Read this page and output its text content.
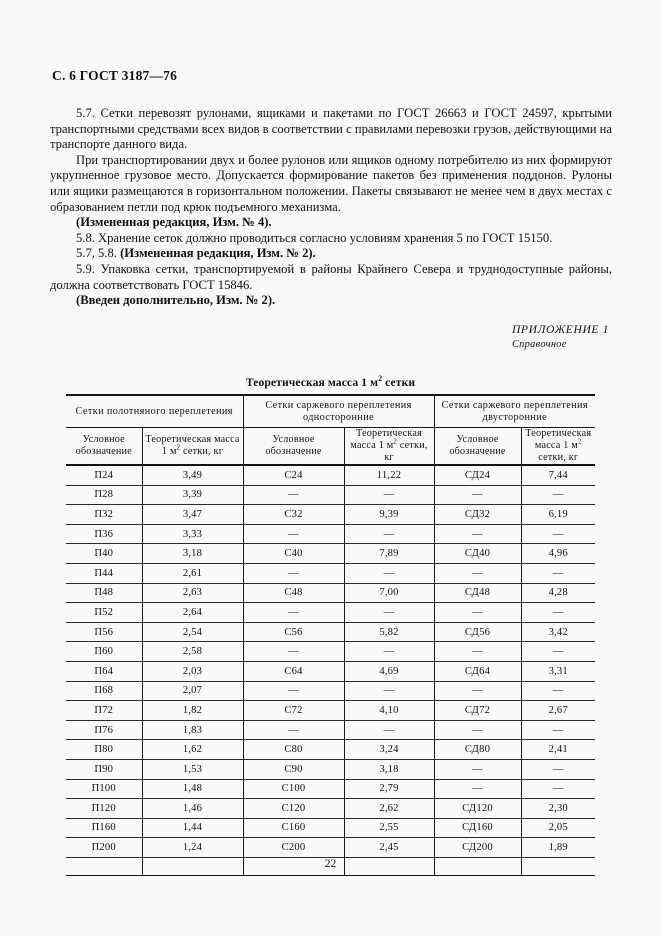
С. 6 ГОСТ 3187—76

5.7. Сетки перевозят рулонами, ящиками и пакетами по ГОСТ 26663 и ГОСТ 24597, крытыми транспортными средствами всех видов в соответствии с правилами перевозки грузов, действующими на транспорте данного вида.

При транспортировании двух и более рулонов или ящиков одному потребителю из них формируют укрупненное грузовое место. Допускается формирование пакетов без применения поддонов. Рулоны или ящики размещаются в горизонтальном положении. Пакеты связывают не менее чем в двух местах с образованием петли под крюк подъемного механизма.

(Измененная редакция, Изм. № 4).

5.8. Хранение сеток должно проводиться согласно условиям хранения 5 по ГОСТ 15150.

5.7, 5.8. (Измененная редакция, Изм. № 2).

5.9. Упаковка сетки, транспортируемой в районы Крайнего Севера и труднодоступные районы, должна соответствовать ГОСТ 15846.

(Введен дополнительно, Изм. № 2).

ПРИЛОЖЕНИЕ 1
Справочное
Теоретическая масса 1 $м^2$ сетки
Сетки полотняного переплетения		Сетки саржевого переплетения односторонние		Сетки саржевого переплетения двусторонние	
Условное обозначение	Теоретическая масса 1 $м^2$ сетки, кг	Условное обозначение	Теоретическая масса 1 $м^2$ сетки, кг	Условное обозначение	Теоретическая масса 1 $м^2$ сетки, кг
П24	3,49	С24	11,22	СД24	7,44
П28	3,39	—	—	—	—
П32	3,47	С32	9,39	СД32	6,19
П36	3,33	—	—	—	—
П40	3,18	С40	7,89	СД40	4,96
П44	2,61	—	—	—	—
П48	2,63	С48	7,00	СД48	4,28
П52	2,64	—	—	—	—
П56	2,54	С56	5,82	СД56	3,42
П60	2,58	—	—	—	—
П64	2,03	С64	4,69	СД64	3,31
П68	2,07	—	—	—	—
П72	1,82	С72	4,10	СД72	2,67
П76	1,83	—	—	—	—
П80	1,62	С80	3,24	СД80	2,41
П90	1,53	С90	3,18	—	—
П100	1,48	С100	2,79	—	—
П120	1,46	С120	2,62	СД120	2,30
П160	1,44	С160	2,55	СД160	2,05
П200	1,24	С200	2,45	СД200	1,89

22
